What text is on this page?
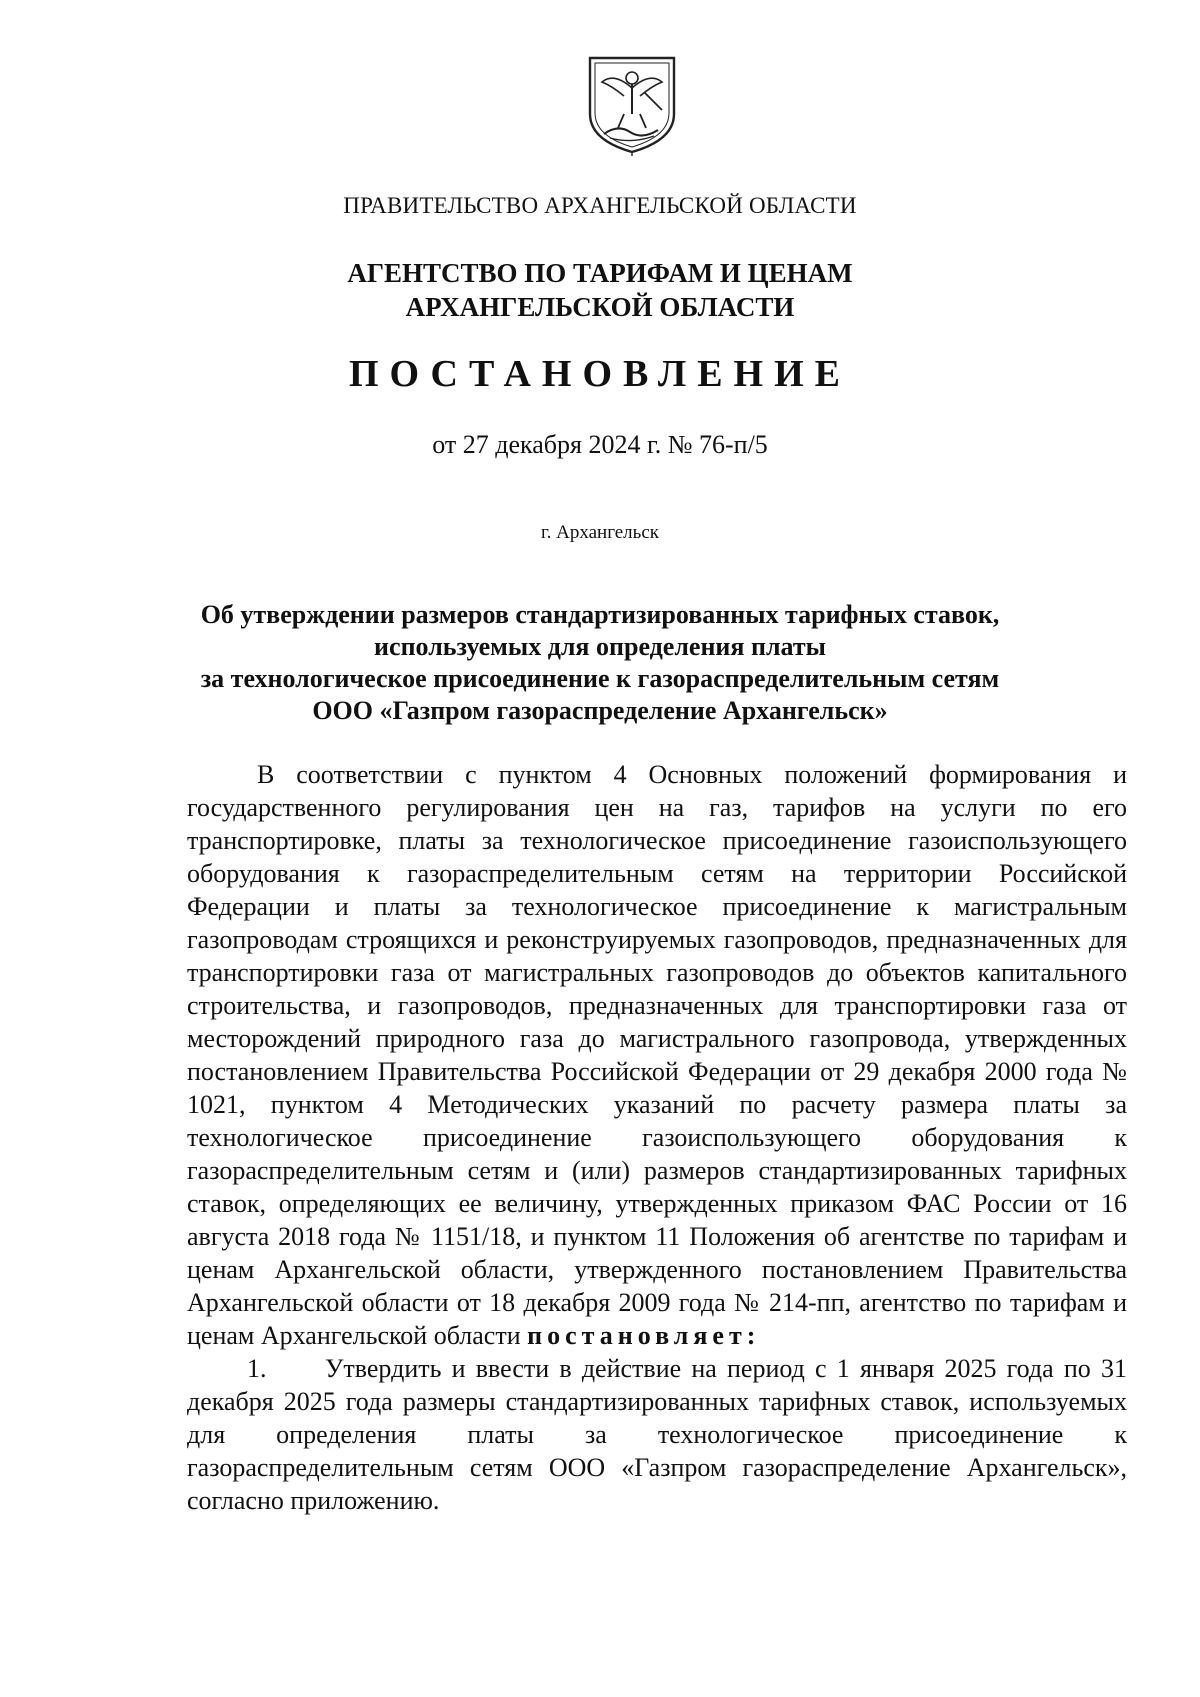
ПРАВИТЕЛЬСТВО АРХАНГЕЛЬСКОЙ ОБЛАСТИ
АГЕНТСТВО ПО ТАРИФАМ И ЦЕНАМ
АРХАНГЕЛЬСКОЙ ОБЛАСТИ
ПОСТАНОВЛЕНИЕ
от 27 декабря 2024 г. № 76-п/5
г. Архангельск
Об утверждении размеров стандартизированных тарифных ставок,
используемых для определения платы
за технологическое присоединение к газораспределительным сетям
ООО «Газпром газораспределение Архангельск»

В соответствии с пунктом 4 Основных положений формирования и государственного регулирования цен на газ, тарифов на услуги по его транспортировке, платы за технологическое присоединение газоиспользующего оборудования к газораспределительным сетям на территории Российской Федерации и платы за технологическое присоединение к магистральным газопроводам строящихся и реконструируемых газопроводов, предназначенных для транспортировки газа от магистральных газопроводов до объектов капитального строительства, и газопроводов, предназначенных для транспортировки газа от месторождений природного газа до магистрального газопровода, утвержденных постановлением Правительства Российской Федерации от 29 декабря 2000 года № 1021, пунктом 4 Методических указаний по расчету размера платы за технологическое присоединение газоиспользующего оборудования к газораспределительным сетям и (или) размеров стандартизированных тарифных ставок, определяющих ее величину, утвержденных приказом ФАС России от 16 августа 2018 года № 1151/18, и пунктом 11 Положения об агентстве по тарифам и ценам Архангельской области, утвержденного постановлением Правительства Архангельской области от 18 декабря 2009 года № 214-пп, агентство по тарифам и ценам Архангельской области постановляет:

1. Утвердить и ввести в действие на период с 1 января 2025 года по 31 декабря 2025 года размеры стандартизированных тарифных ставок, используемых для определения платы за технологическое присоединение к газораспределительным сетям ООО «Газпром газораспределение Архангельск», согласно приложению.
